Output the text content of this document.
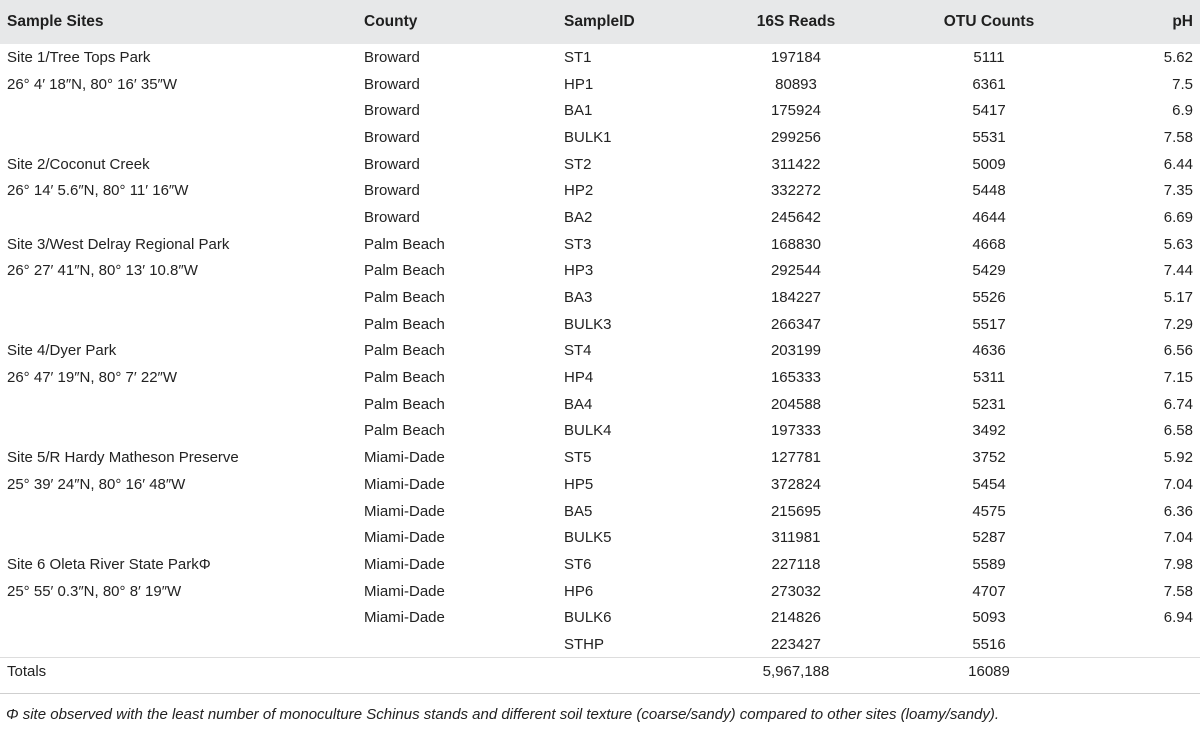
Sample Sites	County	SampleID	16S Reads	OTU Counts	pH
Site 1/Tree Tops Park	Broward	ST1	197184	5111	5.62
26° 4′ 18″N, 80° 16′ 35″W	Broward	HP1	80893	6361	7.5
	Broward	BA1	175924	5417	6.9
	Broward	BULK1	299256	5531	7.58
Site 2/Coconut Creek	Broward	ST2	311422	5009	6.44
26° 14′ 5.6″N, 80° 11′ 16″W	Broward	HP2	332272	5448	7.35
	Broward	BA2	245642	4644	6.69
Site 3/West Delray Regional Park	Palm Beach	ST3	168830	4668	5.63
26° 27′ 41″N, 80° 13′ 10.8″W	Palm Beach	HP3	292544	5429	7.44
	Palm Beach	BA3	184227	5526	5.17
	Palm Beach	BULK3	266347	5517	7.29
Site 4/Dyer Park	Palm Beach	ST4	203199	4636	6.56
26° 47′ 19″N, 80° 7′ 22″W	Palm Beach	HP4	165333	5311	7.15
	Palm Beach	BA4	204588	5231	6.74
	Palm Beach	BULK4	197333	3492	6.58
Site 5/R Hardy Matheson Preserve	Miami-Dade	ST5	127781	3752	5.92
25° 39′ 24″N, 80° 16′ 48″W	Miami-Dade	HP5	372824	5454	7.04
	Miami-Dade	BA5	215695	4575	6.36
	Miami-Dade	BULK5	311981	5287	7.04
Site 6 Oleta River State ParkΦ	Miami-Dade	ST6	227118	5589	7.98
25° 55′ 0.3″N, 80° 8′ 19″W	Miami-Dade	HP6	273032	4707	7.58
	Miami-Dade	BULK6	214826	5093	6.94
		STHP	223427	5516	
Totals			5,967,188	16089	
Φ site observed with the least number of monoculture Schinus stands and different soil texture (coarse/sandy) compared to other sites (loamy/sandy).
